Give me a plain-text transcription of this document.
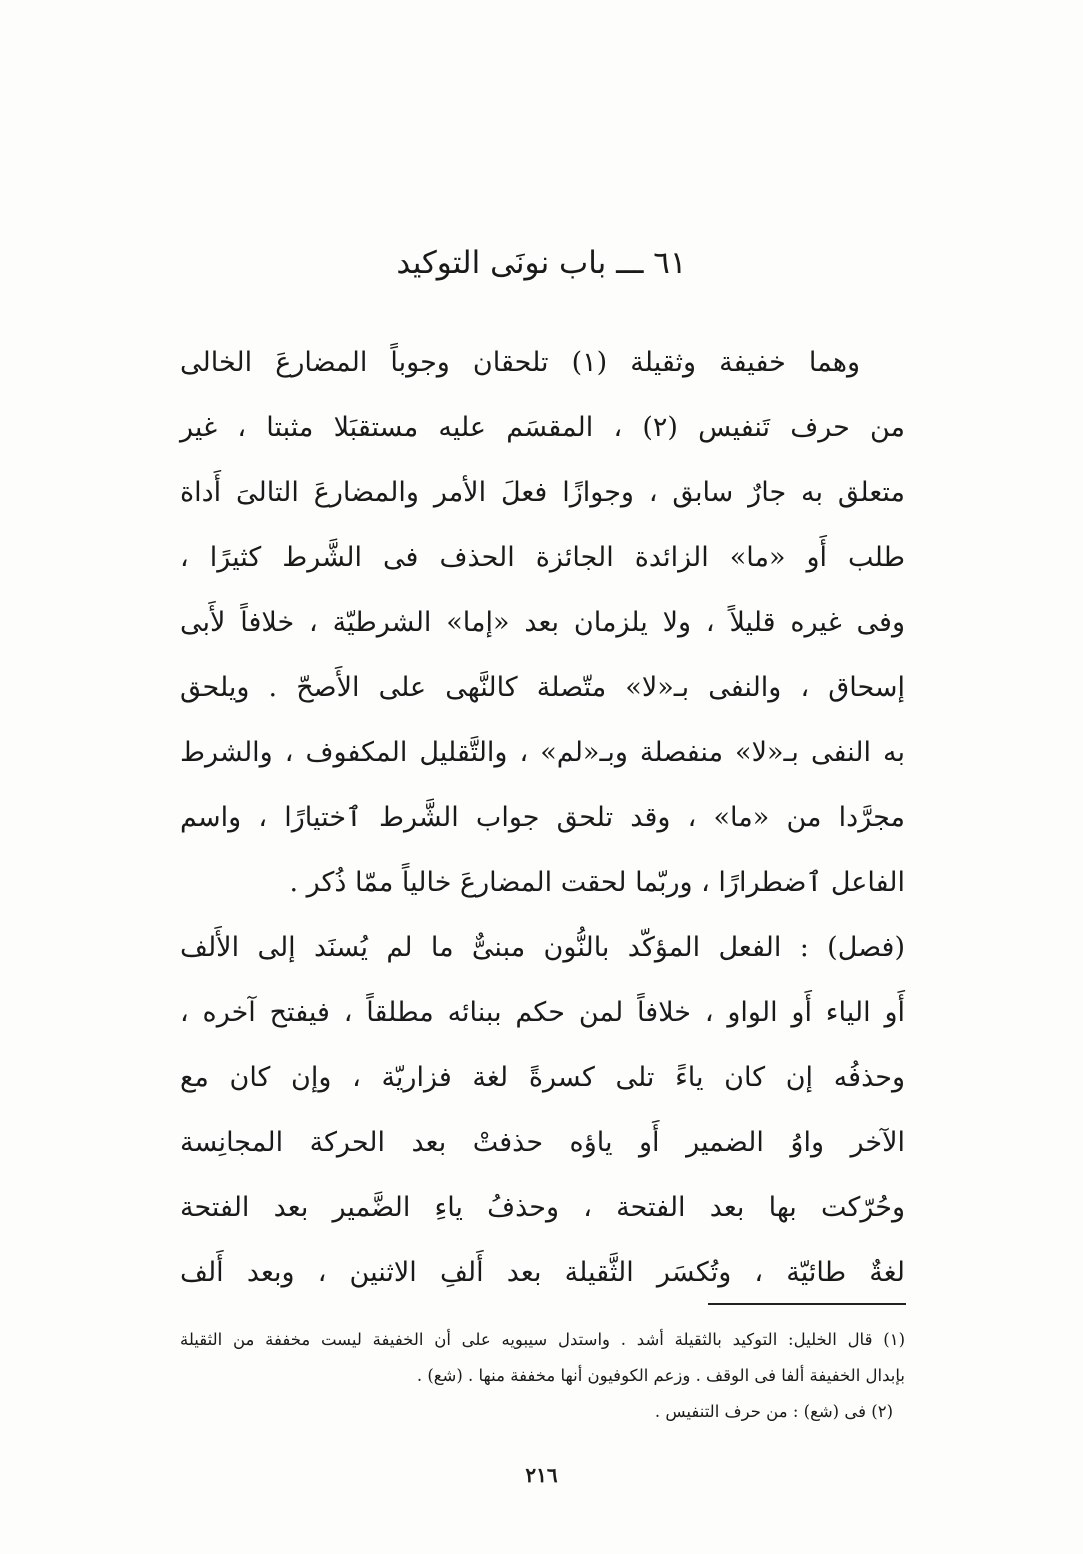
٦١ ـــ باب نونَى التوكيد
وهما خفيفة وثقيلة (١) تلحقان وجوباً المضارعَ الخالى
من حرف تَنفيس (٢) ، المقسَم عليه مستقبَلا مثبتا ، غير
متعلق به جارٌ سابق ، وجوازًا فعلَ الأمر والمضارعَ التالىَ أَداة
طلب أَو «ما» الزائدة الجائزة الحذف فى الشَّرط كثيرًا ،
وفى غيره قليلاً ، ولا يلزمان بعد «إما» الشرطيّة ، خلافاً لأَبى
إسحاق ، والنفى بـ«لا» متّصلة كالنَّهى على الأَصحّ . ويلحق
به النفى بـ«لا» منفصلة وبـ«لم» ، والتَّقليل المكفوف ، والشرط
مجرَّدا من «ما» ، وقد تلحق جواب الشَّرط ٱختيارًا ، واسم
الفاعل ٱضطرارًا ، وربّما لحقت المضارعَ خالياً ممّا ذُكر .
(فصل) : الفعل المؤكّد بالنُّون مبنىٌّ ما لم يُسنَد إلى الأَلف
أَو الياء أَو الواو ، خلافاً لمن حكم ببنائه مطلقاً ، فيفتح آخره ،
وحذفُه إن كان ياءً تلى كسرةً لغة فزاريّة ، وإن كان مع
الآخر واوُ الضمير أَو ياؤه حذفتْ بعد الحركة المجانِسة
وحُرّكت بها بعد الفتحة ، وحذفُ ياءِ الضَّمير بعد الفتحة
لغةٌ طائيّة ، وتُكسَر الثَّقيلة بعد أَلفِ الاثنين ، وبعد أَلف
(١) قال الخليل: التوكيد بالثقيلة أشد . واستدل سيبويه على أن الخفيفة ليست مخففة من الثقيلة
بإبدال الخفيفة ألفا فى الوقف . وزعم الكوفيون أنها مخففة منها . (شع) .
(٢) فى (شع) : من حرف التنفيس .
٢١٦
